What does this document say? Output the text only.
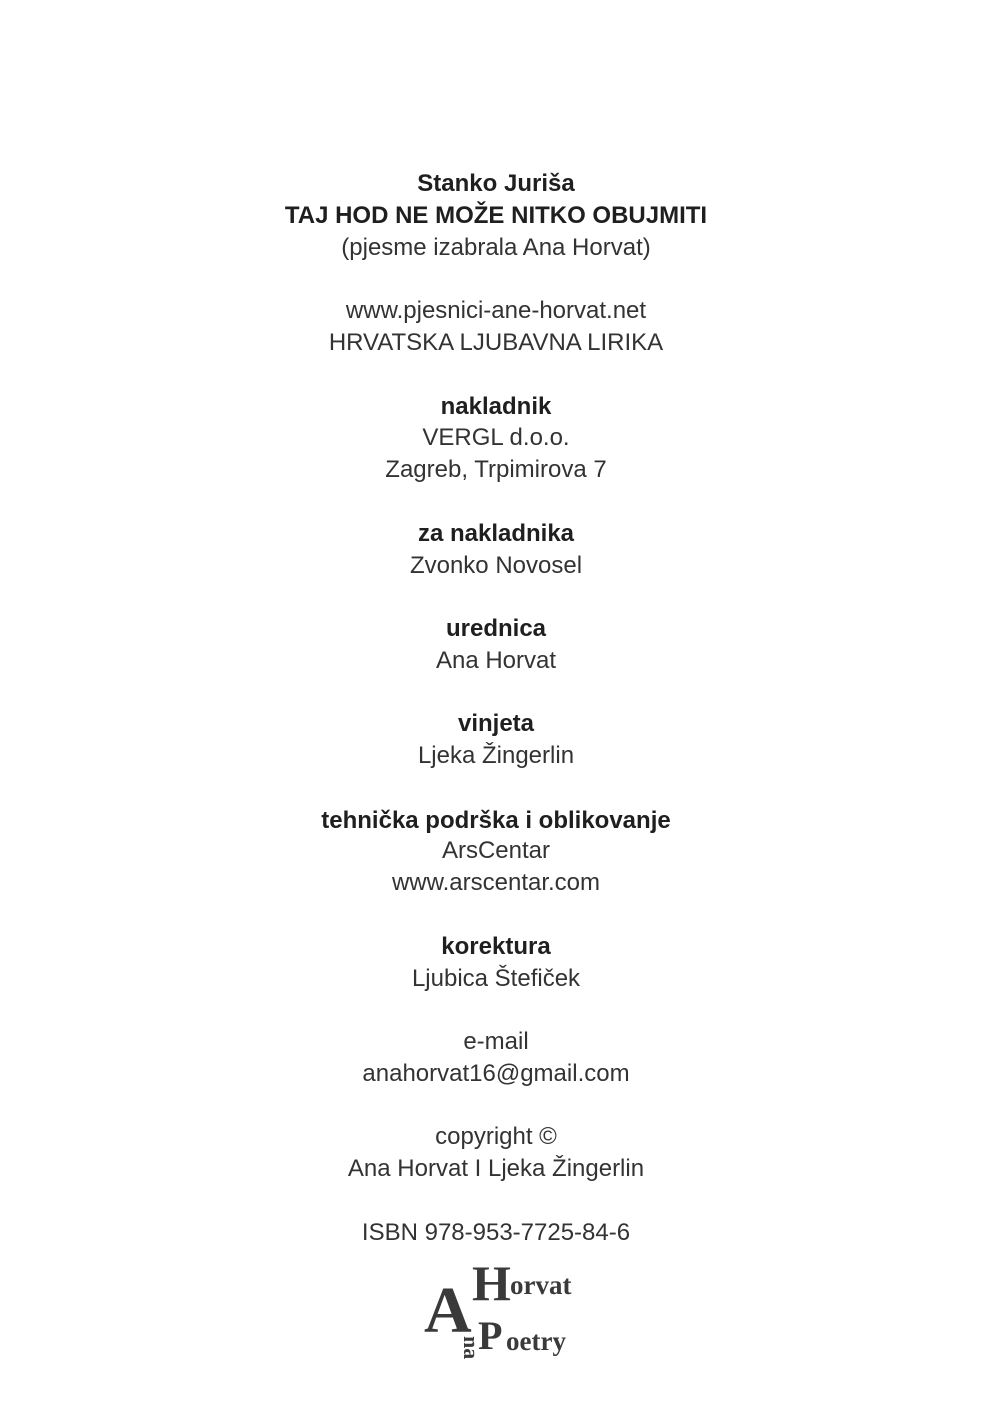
Stanko Juriša
TAJ HOD NE MOŽE NITKO OBUJMITI
(pjesme izabrala Ana Horvat)
www.pjesnici-ane-horvat.net
HRVATSKA LJUBAVNA LIRIKA
nakladnik
VERGL d.o.o.
Zagreb, Trpimirova 7
za nakladnika
Zvonko Novosel
urednica
Ana Horvat
vinjeta
Ljeka Žingerlin
tehnička podrška i oblikovanje
ArsCentar
www.arscentar.com
korektura
Ljubica Štefiček
e-mail
anahorvat16@gmail.com
copyright ©
Ana Horvat I Ljeka Žingerlin
ISBN 978-953-7725-84-6
A H orvat
na
P oetry
